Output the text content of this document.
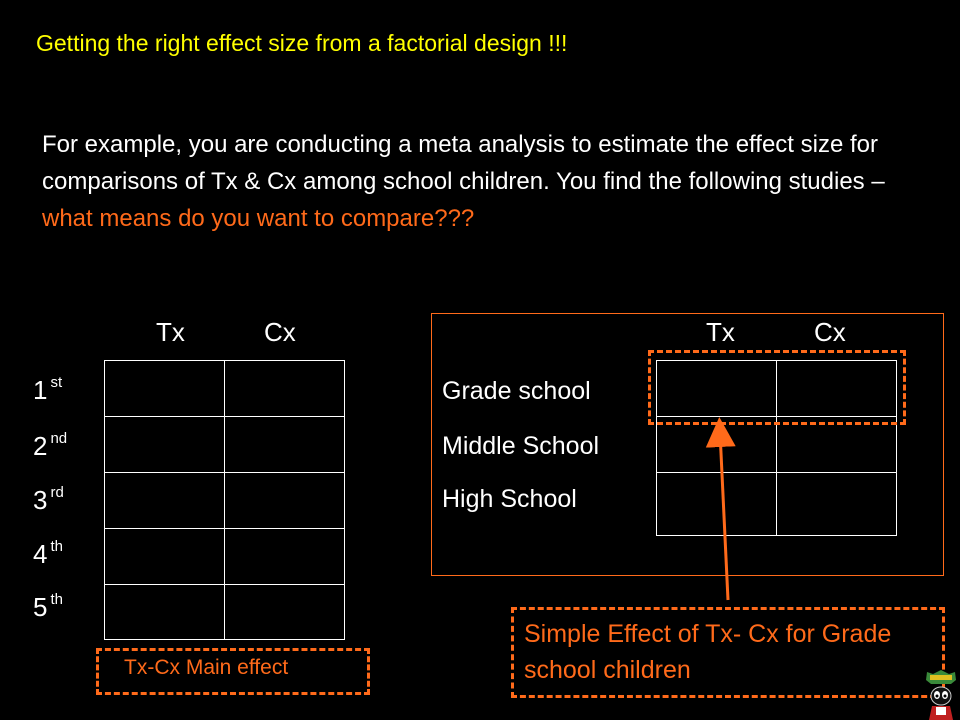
Getting the right effect size from a factorial design !!!
For example, you are conducting a meta analysis to estimate the effect size for comparisons of Tx & Cx among school children. You find the following studies – what means do you want to compare???
Tx	Cx
1 $^{st}$
2 $^{nd}$
3 $^{rd}$
4 $^{th}$
5 $^{th}$
Tx-Cx Main effect
Tx	Cx
Grade school
Middle School
High School
Simple Effect of Tx- Cx for Grade school children
